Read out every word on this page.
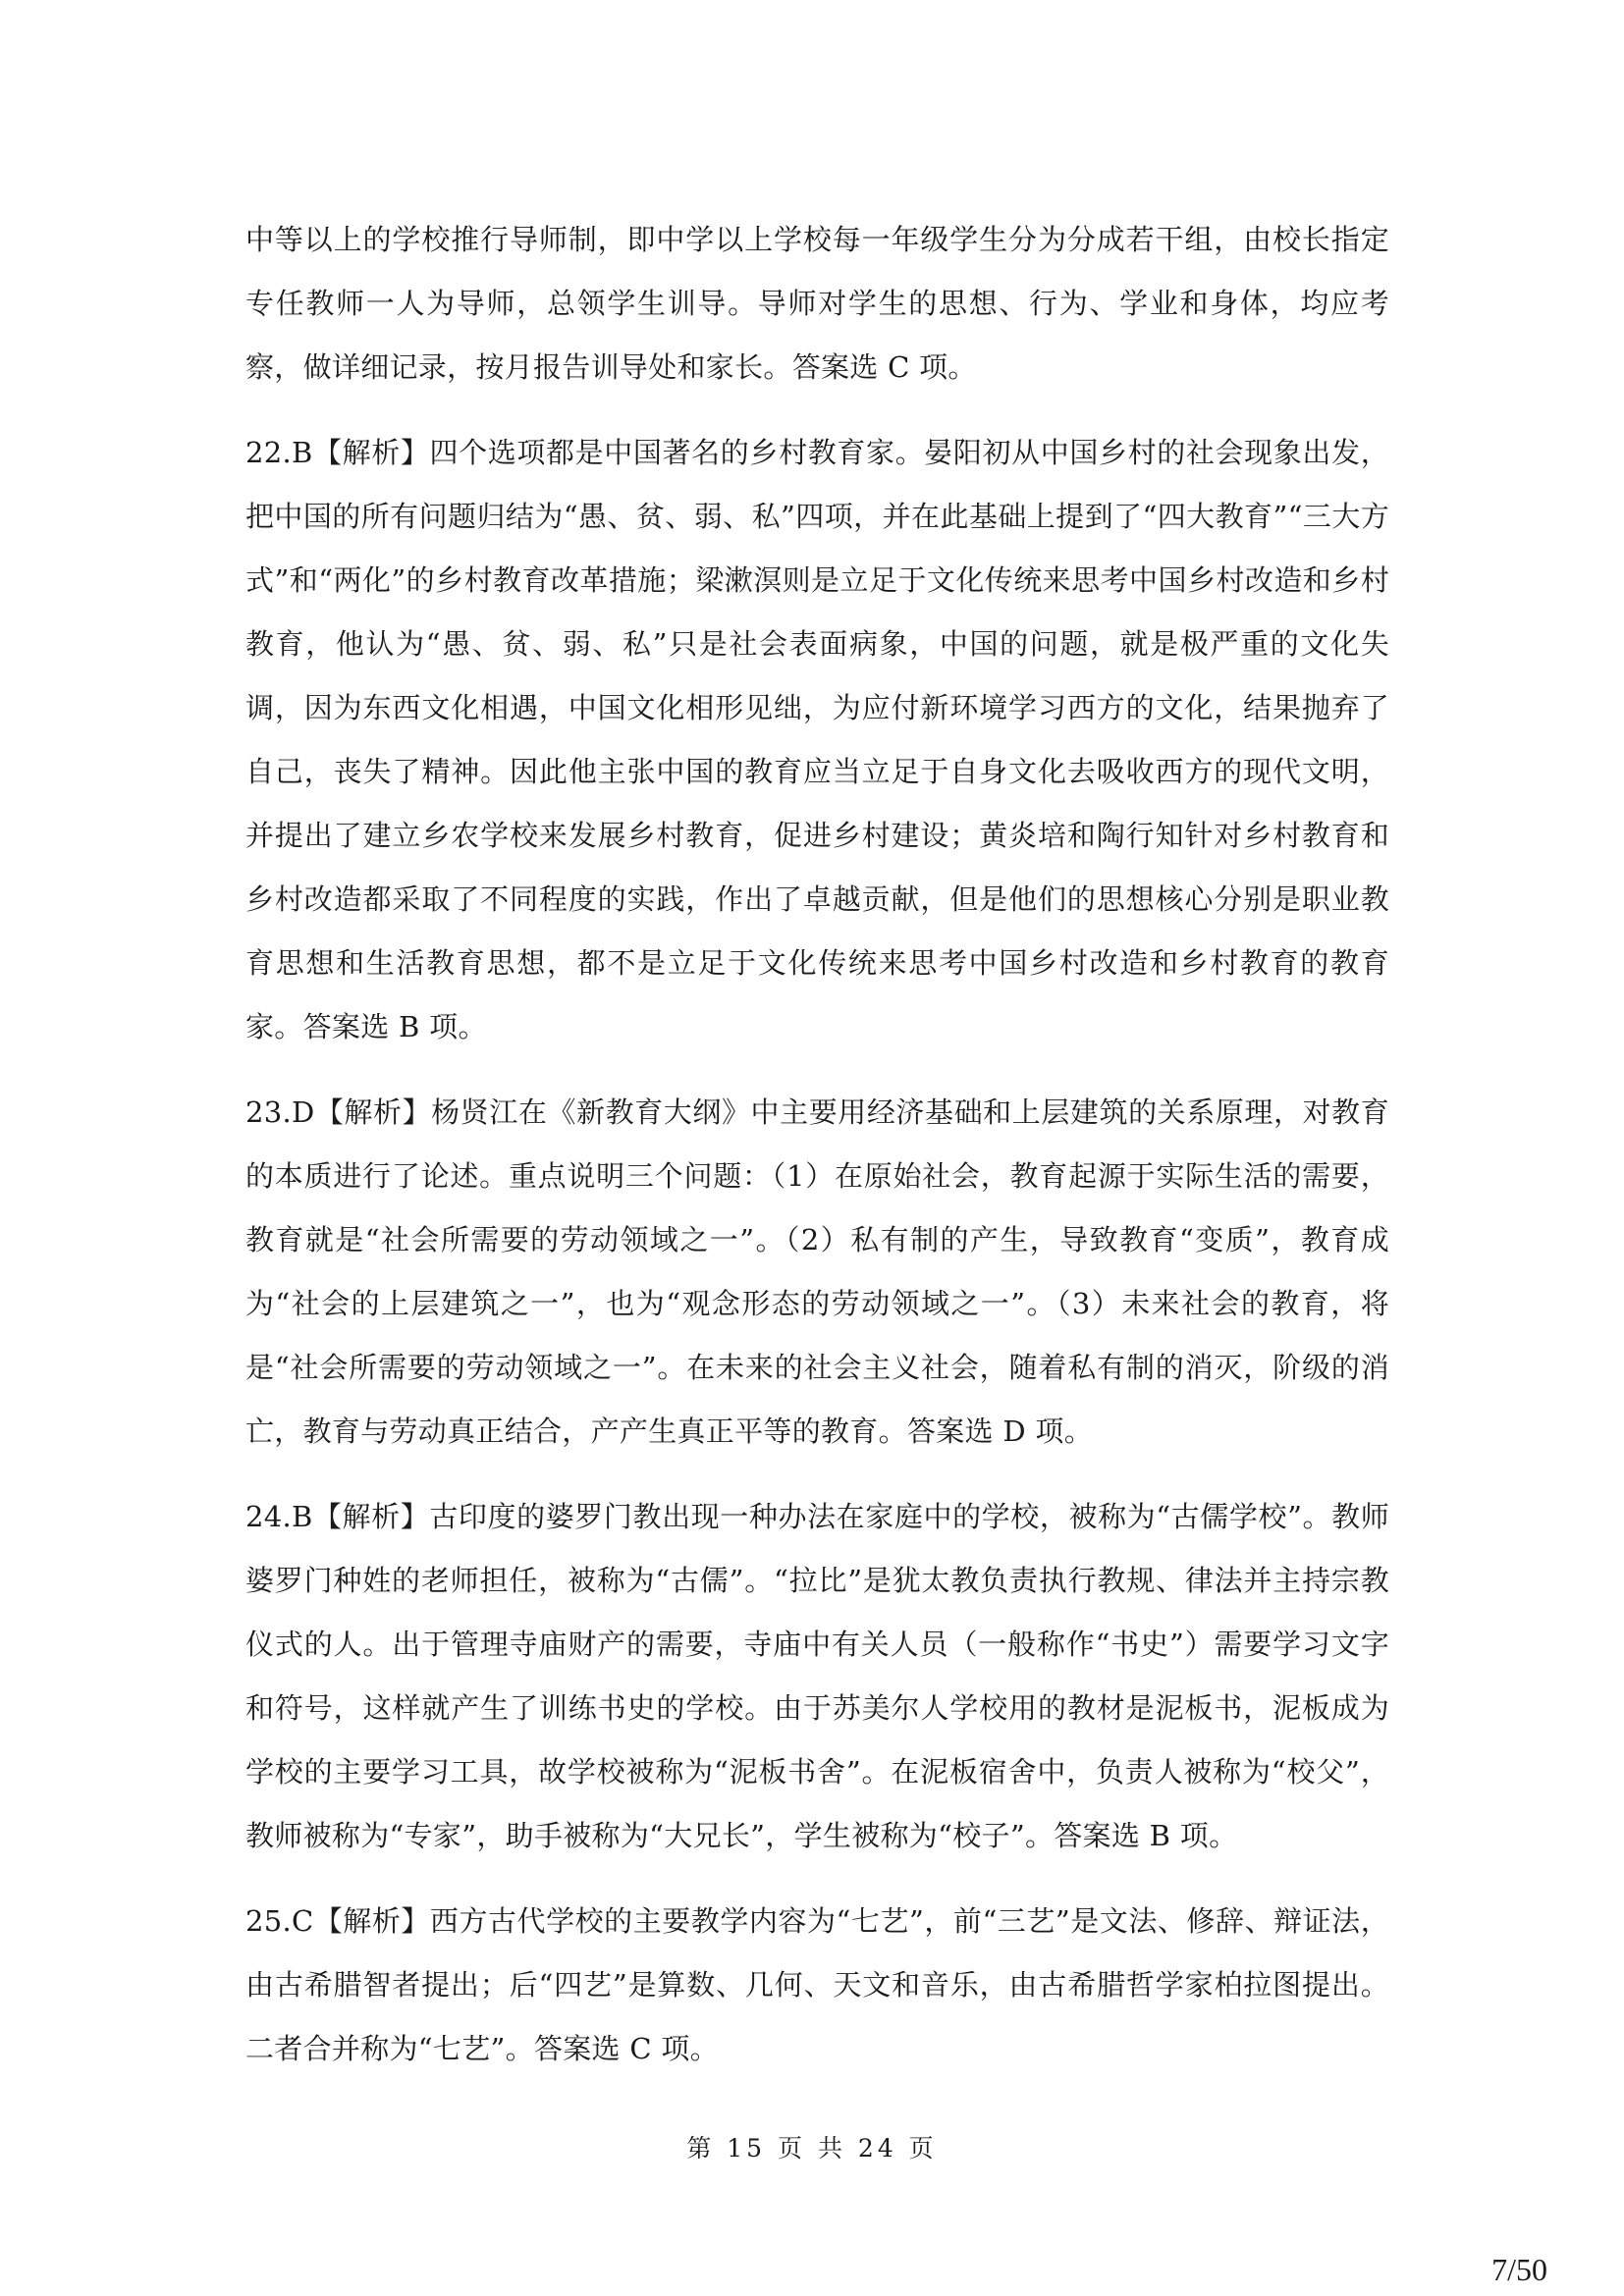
中等以上的学校推行导师制，即中学以上学校每一年级学生分为分成若干组，由校长指定专任教师一人为导师，总领学生训导。导师对学生的思想、行为、学业和身体，均应考察，做详细记录，按月报告训导处和家长。答案选 C 项。

22.B【解析】四个选项都是中国著名的乡村教育家。晏阳初从中国乡村的社会现象出发，把中国的所有问题归结为“愚、贫、弱、私”四项，并在此基础上提到了“四大教育”“三大方式”和“两化”的乡村教育改革措施；梁漱溟则是立足于文化传统来思考中国乡村改造和乡村教育，他认为“愚、贫、弱、私”只是社会表面病象，中国的问题，就是极严重的文化失调，因为东西文化相遇，中国文化相形见绌，为应付新环境学习西方的文化，结果抛弃了自己，丧失了精神。因此他主张中国的教育应当立足于自身文化去吸收西方的现代文明，并提出了建立乡农学校来发展乡村教育，促进乡村建设；黄炎培和陶行知针对乡村教育和乡村改造都采取了不同程度的实践，作出了卓越贡献，但是他们的思想核心分别是职业教育思想和生活教育思想，都不是立足于文化传统来思考中国乡村改造和乡村教育的教育家。答案选 B 项。

23.D【解析】杨贤江在《新教育大纲》中主要用经济基础和上层建筑的关系原理，对教育的本质进行了论述。重点说明三个问题：（1）在原始社会，教育起源于实际生活的需要，教育就是“社会所需要的劳动领域之一”。（2）私有制的产生，导致教育“变质”，教育成为“社会的上层建筑之一”，也为“观念形态的劳动领域之一”。（3）未来社会的教育，将是“社会所需要的劳动领域之一”。在未来的社会主义社会，随着私有制的消灭，阶级的消亡，教育与劳动真正结合，产产生真正平等的教育。答案选 D 项。

24.B【解析】古印度的婆罗门教出现一种办法在家庭中的学校，被称为“古儒学校”。教师婆罗门种姓的老师担任，被称为“古儒”。“拉比”是犹太教负责执行教规、律法并主持宗教仪式的人。出于管理寺庙财产的需要，寺庙中有关人员（一般称作“书史”）需要学习文字和符号，这样就产生了训练书史的学校。由于苏美尔人学校用的教材是泥板书，泥板成为学校的主要学习工具，故学校被称为“泥板书舍”。在泥板宿舍中，负责人被称为“校父”，教师被称为“专家”，助手被称为“大兄长”，学生被称为“校子”。答案选 B 项。

25.C【解析】西方古代学校的主要教学内容为“七艺”，前“三艺”是文法、修辞、辩证法，由古希腊智者提出；后“四艺”是算数、几何、天文和音乐，由古希腊哲学家柏拉图提出。二者合并称为“七艺”。答案选 C 项。

第 15 页 共 24 页
7/50
